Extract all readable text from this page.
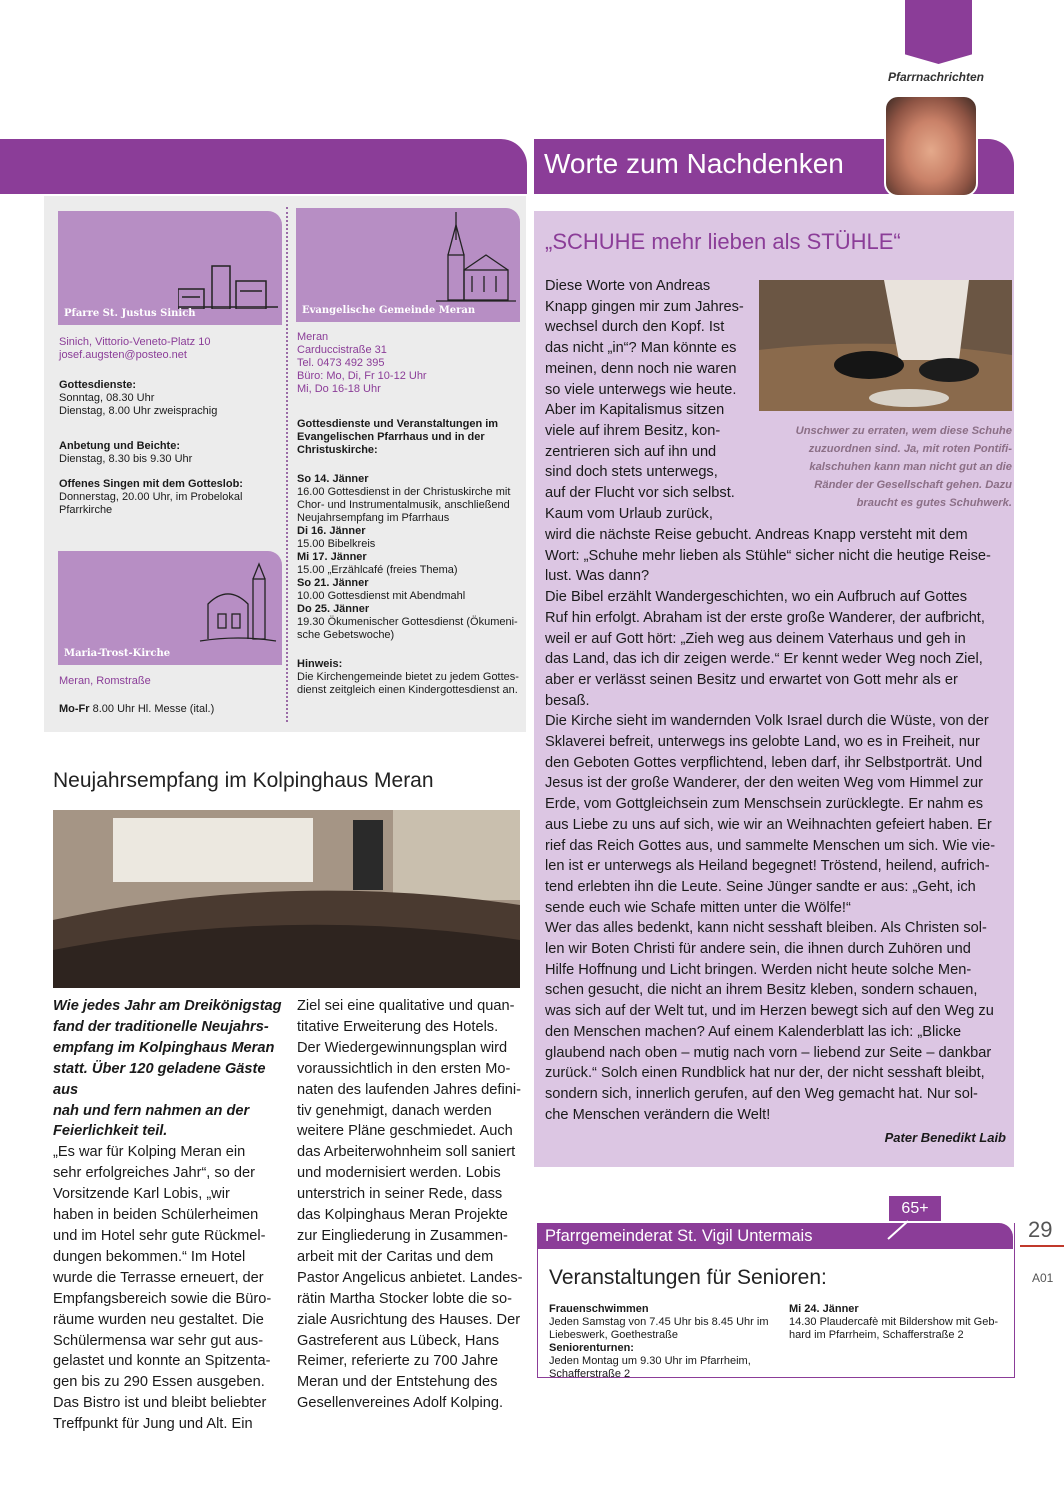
Pfarrnachrichten
Worte zum Nachdenken
Pfarre St. Justus Sinich
Sinich, Vittorio-Veneto-Platz 10
josef.augsten@posteo.net
Gottesdienste:
Sonntag, 08.30 Uhr
Dienstag, 8.00 Uhr zweisprachig
Anbetung und Beichte:
Dienstag, 8.30 bis 9.30 Uhr
Offenes Singen mit dem Gotteslob:
Donnerstag, 20.00 Uhr, im Probelokal
Pfarrkirche
Maria-Trost-Kirche
Meran, Romstraße
Mo-Fr 8.00 Uhr Hl. Messe (ital.)
Evangelische Gemeinde Meran
Meran
Carduccistraße 31
Tel. 0473 492 395
Büro: Mo, Di, Fr 10-12 Uhr
Mi, Do 16-18 Uhr
Gottesdienste und Veranstaltungen im
Evangelischen Pfarrhaus und in der
Christuskirche:
So 14. Jänner
16.00 Gottesdienst in der Christuskirche mit
Chor- und Instrumentalmusik, anschließend
Neujahrsempfang im Pfarrhaus
Di 16. Jänner
15.00 Bibelkreis
Mi 17. Jänner
15.00 „Erzählcafé (freies Thema)
So 21. Jänner
10.00 Gottesdienst mit Abendmahl
Do 25. Jänner
19.30 Ökumenischer Gottesdienst (Ökumeni-
sche Gebetswoche)
Hinweis:
Die Kirchengemeinde bietet zu jedem Gottes-
dienst zeitgleich einen Kindergottesdienst an.
„SCHUHE mehr lieben als STÜHLE“
Diese Worte von Andreas
Knapp gingen mir zum Jahres-
wechsel durch den Kopf. Ist
das nicht „in“? Man könnte es
meinen, denn noch nie waren
so viele unterwegs wie heute.
Aber im Kapitalismus sitzen
viele auf ihrem Besitz, kon-
zentrieren sich auf ihn und
sind doch stets unterwegs,
auf der Flucht vor sich selbst.
Kaum vom Urlaub zurück,
Unschwer zu erraten, wem diese Schuhe
zuzuordnen sind. Ja, mit roten Pontifi-
kalschuhen kann man nicht gut an die
Ränder der Gesellschaft gehen. Dazu
braucht es gutes Schuhwerk.
wird die nächste Reise gebucht. Andreas Knapp versteht mit dem
Wort: „Schuhe mehr lieben als Stühle“ sicher nicht die heutige Reise-
lust. Was dann?
Die Bibel erzählt Wandergeschichten, wo ein Aufbruch auf Gottes
Ruf hin erfolgt. Abraham ist der erste große Wanderer, der aufbricht,
weil er auf Gott hört: „Zieh weg aus deinem Vaterhaus und geh in
das Land, das ich dir zeigen werde.“ Er kennt weder Weg noch Ziel,
aber er verlässt seinen Besitz und erwartet von Gott mehr als er
besaß.
Die Kirche sieht im wandernden Volk Israel durch die Wüste, von der
Sklaverei befreit, unterwegs ins gelobte Land, wo es in Freiheit, nur
den Geboten Gottes verpflichtend, leben darf, ihr Selbstporträt. Und
Jesus ist der große Wanderer, der den weiten Weg vom Himmel zur
Erde, vom Gottgleichsein zum Menschsein zurücklegte. Er nahm es
aus Liebe zu uns auf sich, wie wir an Weihnachten gefeiert haben. Er
rief das Reich Gottes aus, und sammelte Menschen um sich. Wie vie-
len ist er unterwegs als Heiland begegnet! Tröstend, heilend, aufrich-
tend erlebten ihn die Leute. Seine Jünger sandte er aus: „Geht, ich
sende euch wie Schafe mitten unter die Wölfe!“
Wer das alles bedenkt, kann nicht sesshaft bleiben. Als Christen sol-
len wir Boten Christi für andere sein, die ihnen durch Zuhören und
Hilfe Hoffnung und Licht bringen. Werden nicht heute solche Men-
schen gesucht, die nicht an ihrem Besitz kleben, sondern schauen,
was sich auf der Welt tut, und im Herzen bewegt sich auf den Weg zu
den Menschen machen? Auf einem Kalenderblatt las ich: „Blicke
glaubend nach oben – mutig nach vorn – liebend zur Seite – dankbar
zurück.“ Solch einen Rundblick hat nur der, der nicht sesshaft bleibt,
sondern sich, innerlich gerufen, auf den Weg gemacht hat. Nur sol-
che Menschen verändern die Welt!
Pater Benedikt Laib
Neujahrsempfang im Kolpinghaus Meran
Wie jedes Jahr am Dreikönigstag
fand der traditionelle Neujahrs-
empfang im Kolpinghaus Meran
statt. Über 120 geladene Gäste aus
nah und fern nahmen an der
Feierlichkeit teil.
„Es war für Kolping Meran ein
sehr erfolgreiches Jahr“, so der
Vorsitzende Karl Lobis, „wir
haben in beiden Schülerheimen
und im Hotel sehr gute Rückmel-
dungen bekommen.“ Im Hotel
wurde die Terrasse erneuert, der
Empfangsbereich sowie die Büro-
räume wurden neu gestaltet. Die
Schülermensa war sehr gut aus-
gelastet und konnte an Spitzenta-
gen bis zu 290 Essen ausgeben.
Das Bistro ist und bleibt beliebter
Treffpunkt für Jung und Alt. Ein
Ziel sei eine qualitative und quan-
titative Erweiterung des Hotels.
Der Wiedergewinnungsplan wird
voraussichtlich in den ersten Mo-
naten des laufenden Jahres defini-
tiv genehmigt, danach werden
weitere Pläne geschmiedet. Auch
das Arbeiterwohnheim soll saniert
und modernisiert werden. Lobis
unterstrich in seiner Rede, dass
das Kolpinghaus Meran Projekte
zur Eingliederung in Zusammen-
arbeit mit der Caritas und dem
Pastor Angelicus anbietet. Landes-
rätin Martha Stocker lobte die so-
ziale Ausrichtung des Hauses. Der
Gastreferent aus Lübeck, Hans
Reimer, referierte zu 700 Jahre
Meran und der Entstehung des
Gesellenvereines Adolf Kolping.
Pfarrgemeinderat St. Vigil Untermais
65+
Veranstaltungen für Senioren:
Frauenschwimmen
Jeden Samstag von 7.45 Uhr bis 8.45 Uhr im
Liebeswerk, Goethestraße
Seniorenturnen:
Jeden Montag um 9.30 Uhr im Pfarrheim,
Schafferstraße 2
Mi 24. Jänner
14.30 Plaudercafè mit Bildershow mit Geb-
hard im Pfarrheim, Schafferstraße 2
29
A01
